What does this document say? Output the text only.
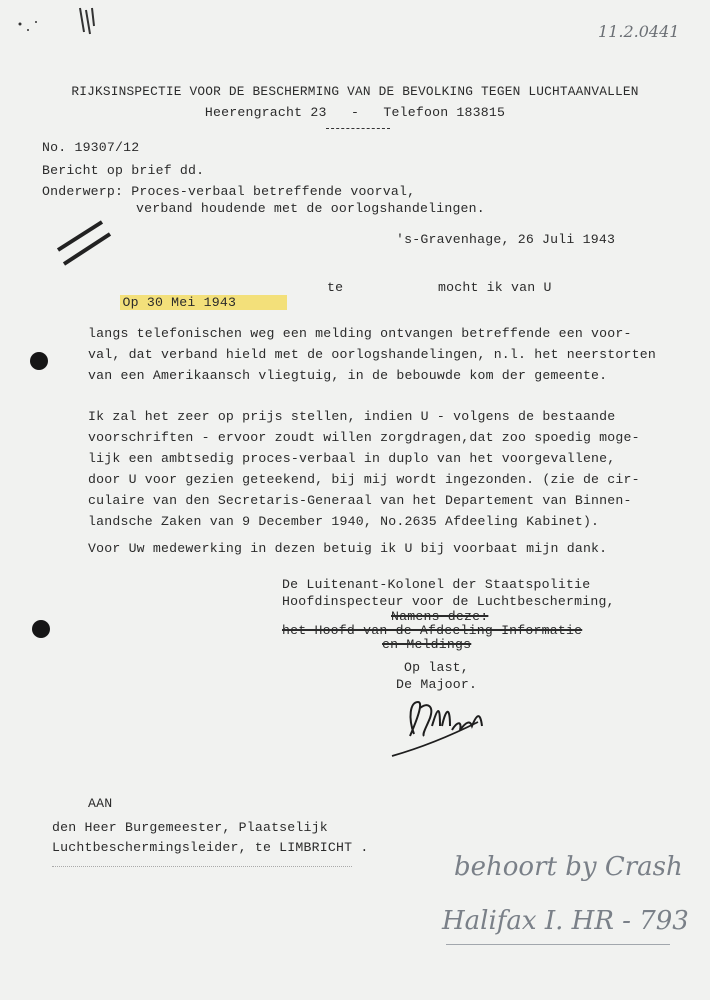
11.2.0441
RIJKSINSPECTIE VOOR DE BESCHERMING VAN DE BEVOLKING TEGEN LUCHTAANVALLEN
Heerengracht 23   -   Telefoon 183815
No. 19307/12
Bericht op brief dd.
Onderwerp: Proces-verbaal betreffende voorval,
verband houdende met de oorlogshandelingen.
's-Gravenhage, 26 Juli 1943

Op 30 Mei 1943

te	mocht ik van U
langs telefonischen weg een melding ontvangen betreffende een voor-
val, dat verband hield met de oorlogshandelingen, n.l. het neerstorten
van een Amerikaansch vliegtuig, in de bebouwde kom der gemeente.
Ik zal het zeer op prijs stellen, indien U - volgens de bestaande
voorschriften - ervoor zoudt willen zorgdragen,dat zoo spoedig moge-
lijk een ambtsedig proces-verbaal in duplo van het voorgevallene,
door U voor gezien geteekend, bij mij wordt ingezonden. (zie de cir-
culaire van den Secretaris-Generaal van het Departement van Binnen-
landsche Zaken van 9 December 1940, No.2635 Afdeeling Kabinet).
Voor Uw medewerking in dezen betuig ik U bij voorbaat mijn dank.
De Luitenant-Kolonel der Staatspolitie
Hoofdinspecteur voor de Luchtbescherming,
Namens deze:
het Hoofd van de Afdeeling Informatie
en Meldings
Op last,
De Majoor.
AAN
den Heer Burgemeester, Plaatselijk
Luchtbeschermingsleider, te LIMBRICHT .
behoort by Crash
Halifax I. HR - 793
